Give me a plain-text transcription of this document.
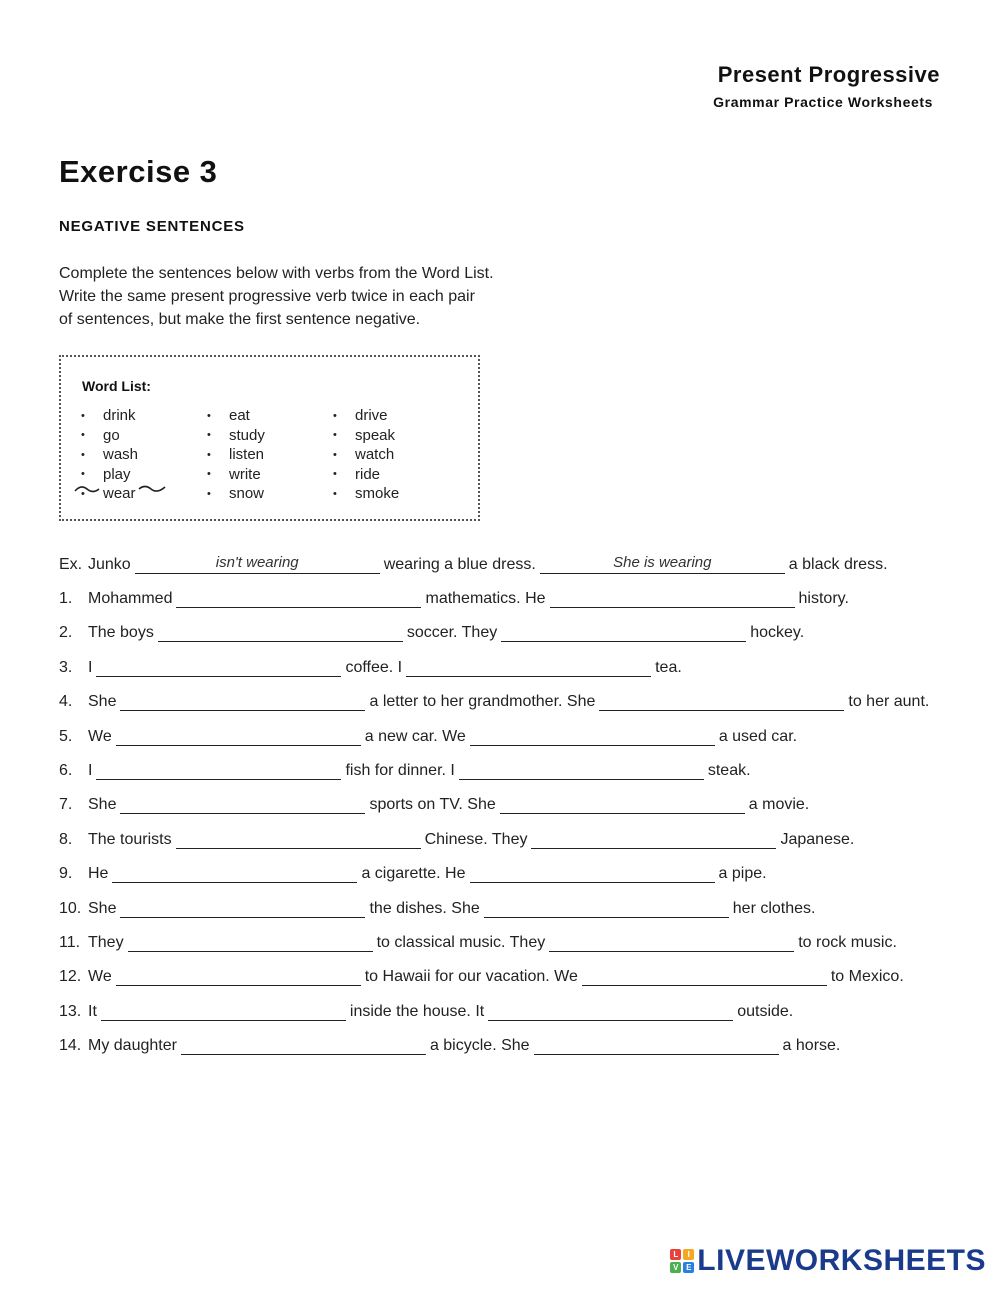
Present Progressive
Grammar Practice Worksheets
Exercise 3
NEGATIVE SENTENCES
Complete the sentences below with verbs from the Word List.
Write the same present progressive verb twice in each pair
of sentences, but make the first sentence negative.
Word List:
•	drink
•	go
•	wash
•	play
•	wear
•	eat
•	study
•	listen
•	write
•	snow
•	drive
•	speak
•	watch
•	ride
•	smoke
Ex. Junko	isn't wearing	wearing a blue dress.	She is wearing	a black dress.
1. Mohammed	mathematics. He	history.
2. The boys	soccer. They	hockey.
3. I	coffee. I	tea.
4. She	a letter to her grandmother. She	to her aunt.
5. We	a new car. We	a used car.
6. I	fish for dinner. I	steak.
7. She	sports on TV. She	a movie.
8. The tourists	Chinese. They	Japanese.
9. He	a cigarette. He	a pipe.
10. She	the dishes. She	her clothes.
11. They	to classical music. They	to rock music.
12. We	to Hawaii for our vacation. We	to Mexico.
13. It	inside the house. It	outside.
14. My daughter	a bicycle. She	a horse.
L	I
V E LIVEWORKSHEETS
